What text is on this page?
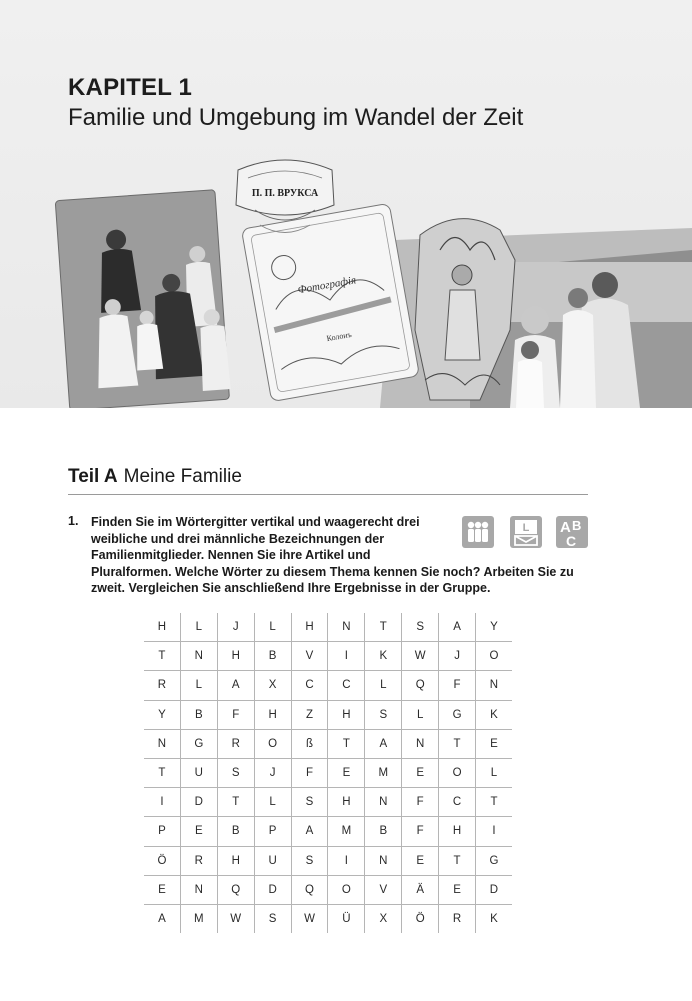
KAPITEL 1
Familie und Umgebung im Wandel der Zeit
Фотографія
Колонъ
П. П. ВРУКСА
Teil A Meine Familie
1. Finden Sie im Wörtergitter vertikal und waagerecht drei weibliche und drei männliche Bezeichnungen der Familienmitglieder. Nennen Sie ihre Artikel und
Pluralformen. Welche Wörter zu diesem Thema kennen Sie noch? Arbeiten Sie zu zweit. Vergleichen Sie anschließend Ihre Ergebnisse in der Gruppe.
L A B
C
H	L	J	L	H	N	T	S	A	Y
T	N	H	B	V	I	K	W	J	O
R	L	A	X	C	C	L	Q	F	N
Y	B	F	H	Z	H	S	L	G	K
N	G	R	O	ß	T	A	N	T	E
T	U	S	J	F	E	M	E	O	L
I	D	T	L	S	H	N	F	C	T
P	E	B	P	A	M	B	F	H	I
Ö	R	H	U	S	I	N	E	T	G
E	N	Q	D	Q	O	V	Ä	E	D
A	M	W	S	W	Ü	X	Ö	R	K
